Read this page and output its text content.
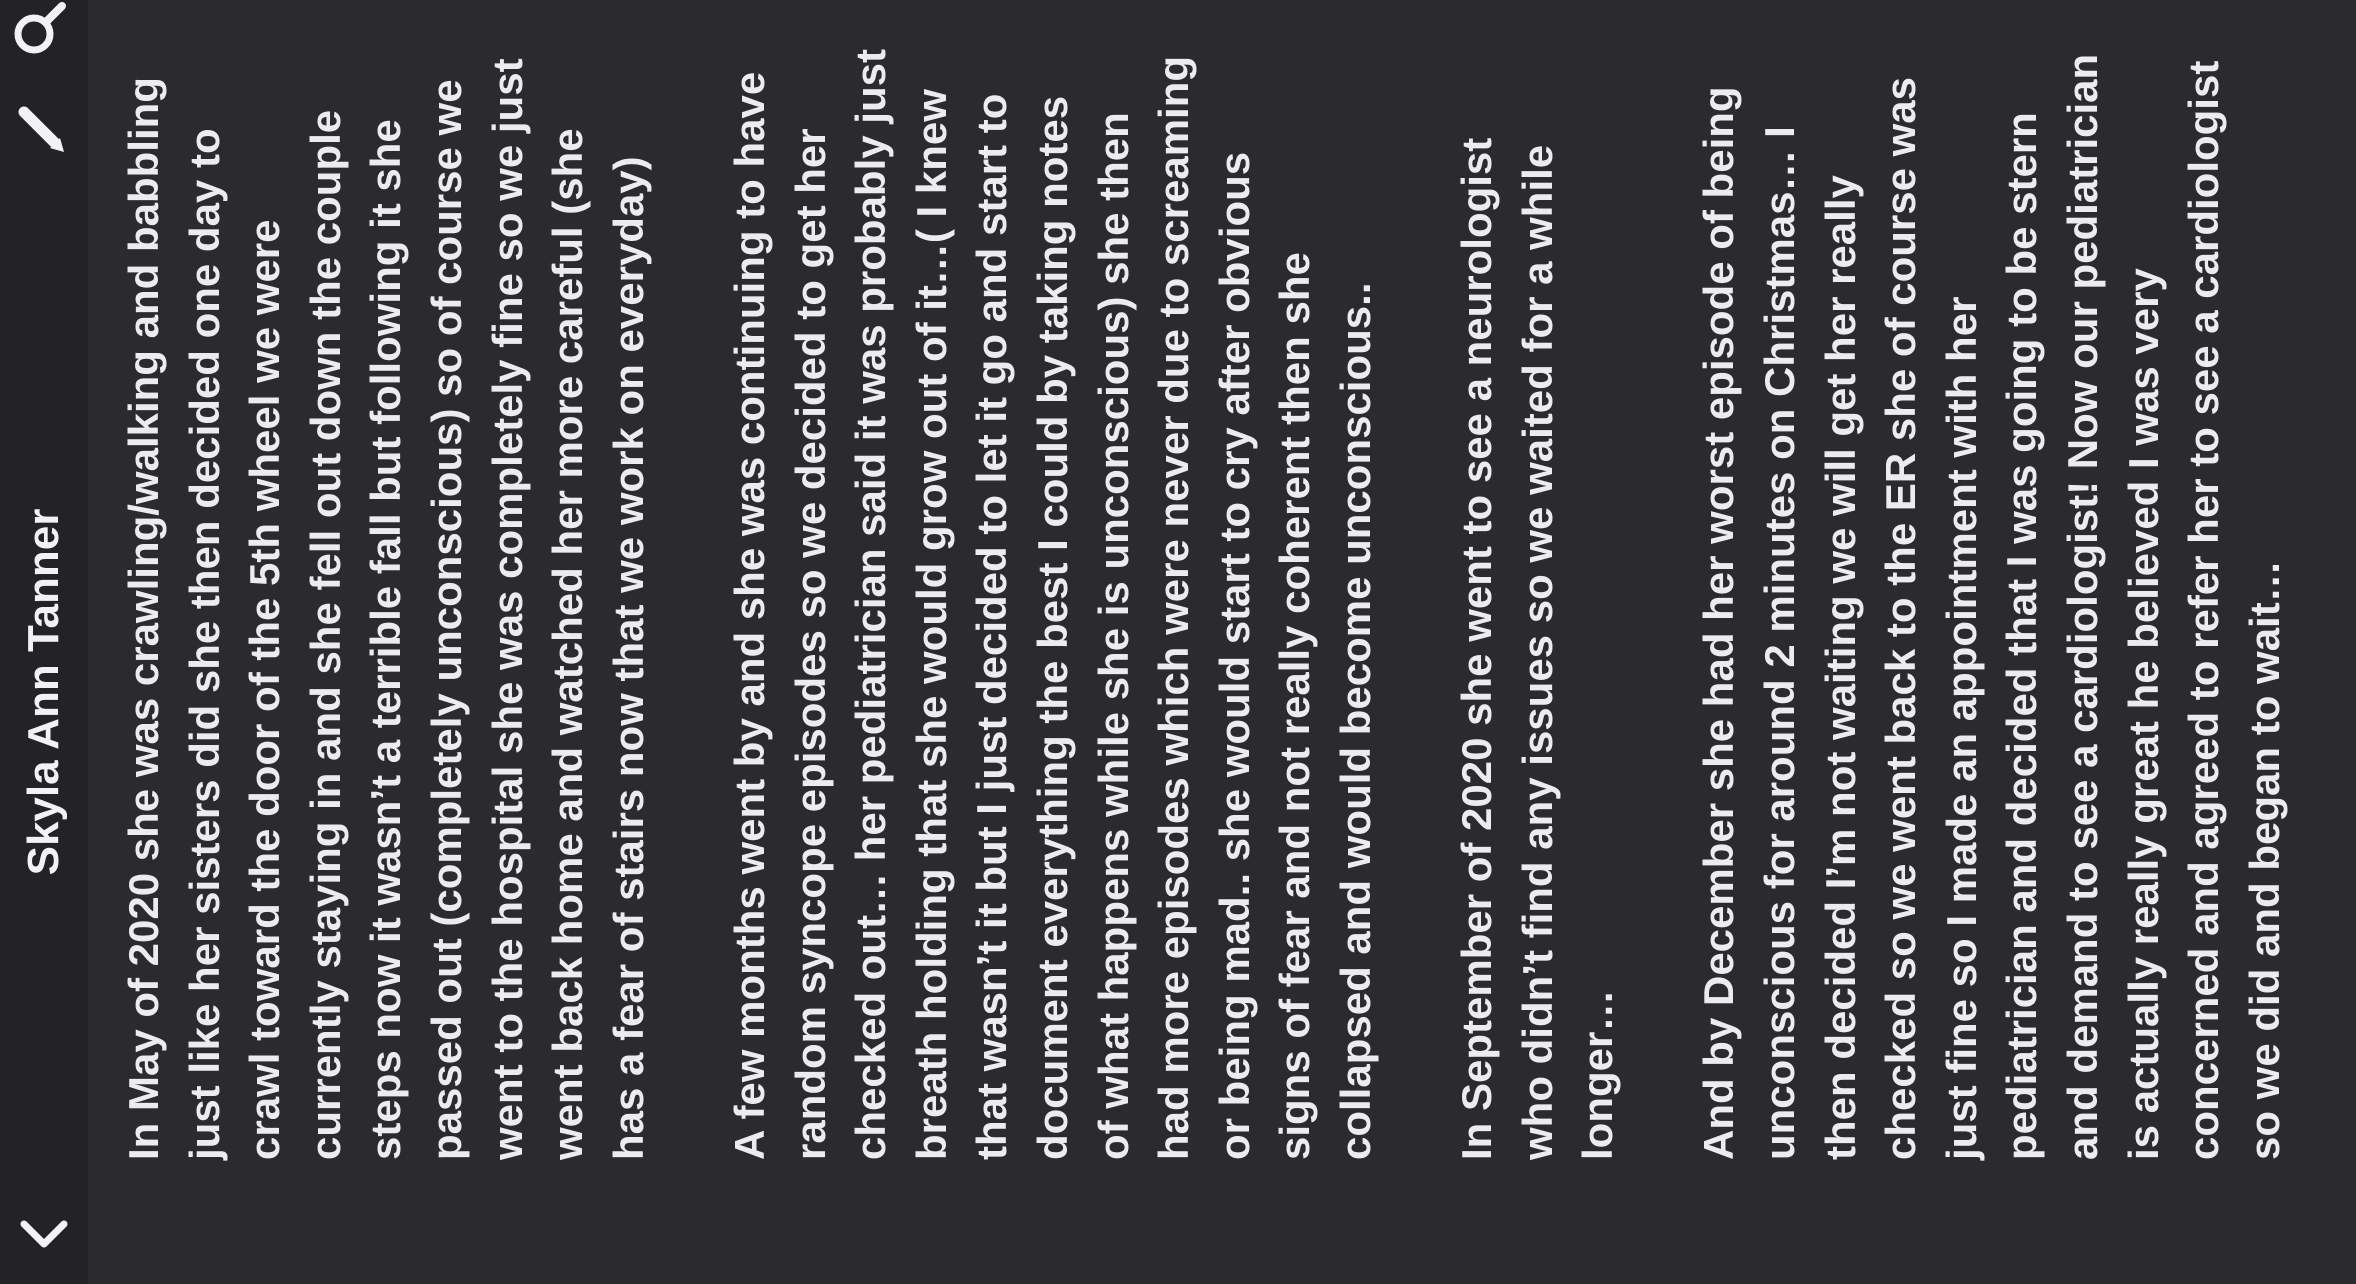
Skyla Ann Tanner	In May of 2020 she was crawling/walking and babbling just like her sisters did she then decided one day to crawl toward the door of the 5th wheel we were currently staying in and she fell out down the couple steps now it wasn’t a terrible fall but following it she passed out (completely unconscious) so of course we went to the hospital she was completely fine so we just went back home and watched her more careful (she has a fear of stairs now that we work on everyday) A few months went by and she was continuing to have random syncope episodes so we decided to get her checked out… her pediatrician said it was probably just breath holding that she would grow out of it…( I knew that wasn’t it but I just decided to let it go and start to document everything the best I could by taking notes of what happens while she is unconscious) she then had more episodes which were never due to screaming or being mad.. she would start to cry after obvious signs of fear and not really coherent then she collapsed and would become unconscious.. In September of 2020 she went to see a neurologist who didn’t find any issues so we waited for a while longer… And by December she had her worst episode of being unconscious for around 2 minutes on Christmas… I then decided I’m not waiting we will get her really checked so we went back to the ER she of course was just fine so I made an appointment with her pediatrician and decided that I was going to be stern and demand to see a cardiologist! Now our pediatrician is actually really great he believed I was very concerned and agreed to refer her to see a cardiologist so we did and began to wait…
